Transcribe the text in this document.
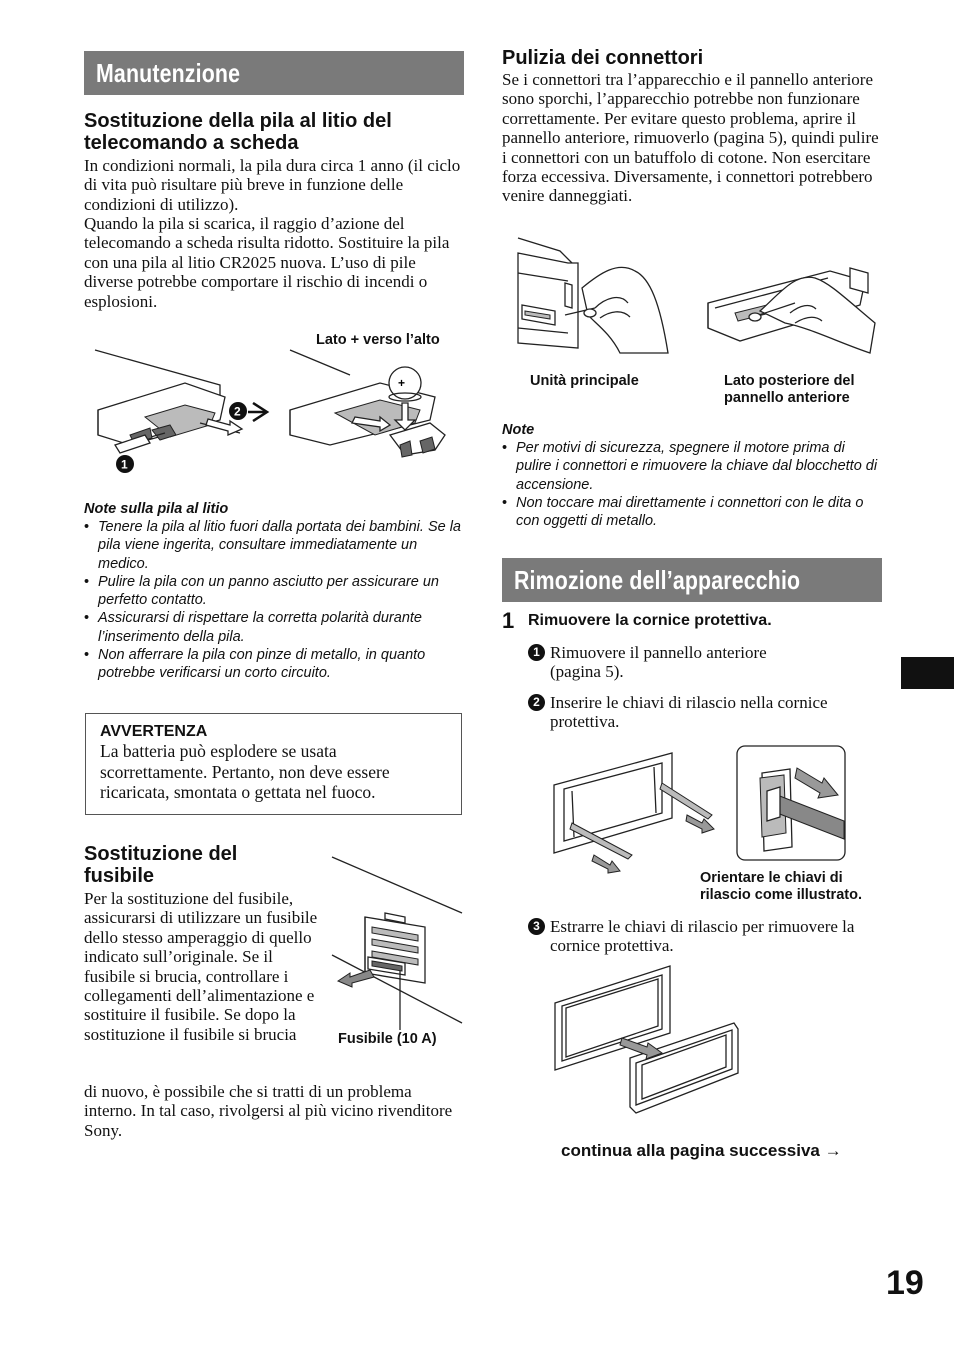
Manutenzione
Sostituzione della pila al litio del telecomando a scheda
In condizioni normali, la pila dura circa 1 anno (il ciclo di vita può risultare più breve in funzione delle condizioni di utilizzo).
Quando la pila si scarica, il raggio d’azione del telecomando a scheda risulta ridotto. Sostituire la pila con una pila al litio CR2025 nuova. L’uso di pile diverse potrebbe comportare il rischio di incendi o esplosioni.
Lato + verso l’alto
+
1
2
Note sulla pila al litio
• Tenere la pila al litio fuori dalla portata dei bambini. Se la pila viene ingerita, consultare immediatamente un medico.
• Pulire la pila con un panno asciutto per assicurare un perfetto contatto.
• Assicurarsi di rispettare la corretta polarità durante l’inserimento della pila.
• Non afferrare la pila con pinze di metallo, in quanto potrebbe verificarsi un corto circuito.
AVVERTENZA
La batteria può esplodere se usata scorrettamente. Pertanto, non deve essere ricaricata, smontata o gettata nel fuoco.
Sostituzione del fusibile
Per la sostituzione del fusibile, assicurarsi di utilizzare un fusibile dello stesso amperaggio di quello indicato sull’originale. Se il fusibile si brucia, controllare i collegamenti dell’alimentazione e sostituire il fusibile. Se dopo la sostituzione il fusibile si brucia
di nuovo, è possibile che si tratti di un problema interno. In tal caso, rivolgersi al più vicino rivenditore Sony.
Fusibile (10 A)
Pulizia dei connettori
Se i connettori tra l’apparecchio e il pannello anteriore sono sporchi, l’apparecchio potrebbe non funzionare correttamente. Per evitare questo problema, aprire il pannello anteriore, rimuoverlo (pagina 5), quindi pulire i connettori con un batuffolo di cotone. Non esercitare forza eccessiva. Diversamente, i connettori potrebbero venire danneggiati.
Unità principale	Lato posteriore del pannello anteriore
Note
• Per motivi di sicurezza, spegnere il motore prima di pulire i connettori e rimuovere la chiave dal blocchetto di accensione.
• Non toccare mai direttamente i connettori con le dita o con oggetti di metallo.
Rimozione dell’apparecchio
1 Rimuovere la cornice protettiva.
1 Rimuovere il pannello anteriore (pagina 5).
2 Inserire le chiavi di rilascio nella cornice protettiva.
Orientare le chiavi di rilascio come illustrato.
3 Estrarre le chiavi di rilascio per rimuovere la cornice protettiva.
continua alla pagina successiva →
19
